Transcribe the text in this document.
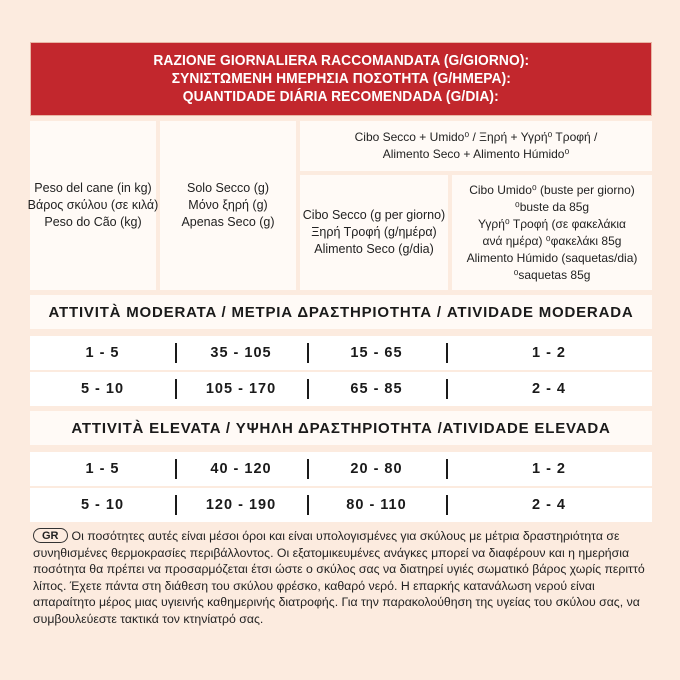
RAZIONE GIORNALIERA RACCOMANDATA (G/GIORNO):
ΣΥΝΙΣΤΩΜΕΝΗ ΗΜΕΡΗΣΙΑ ΠΟΣΟΤΗΤΑ (G/ΗΜΕΡΑ):
QUANTIDADE DIÁRIA RECOMENDADA (G/DIA):
Peso del cane (in kg)
Βάρος σκύλου (σε κιλά)
Peso do Cão (kg)
Solo Secco (g)
Μόνο ξηρή (g)
Apenas Seco (g)
Cibo Secco + Umido⁰ / Ξηρή + Υγρή⁰ Τροφή /
Alimento Seco + Alimento Húmido⁰
Cibo Secco (g per giorno)
Ξηρή Τροφή (g/ημέρα)
Alimento Seco (g/dia)
Cibo Umido⁰ (buste per giorno)
⁰buste da 85g
Υγρή⁰ Τροφή (σε φακελάκια
ανά ημέρα) ⁰φακελάκι 85g
Alimento Húmido (saquetas/dia)
⁰saquetas 85g
ATTIVITÀ MODERATA / ΜΕΤΡΙΑ ΔΡΑΣΤΗΡΙΟΤΗΤΑ / ATIVIDADE MODERADA
1 - 5	35 - 105	15 - 65	1 - 2
5 - 10	105 - 170	65 - 85	2 - 4
ATTIVITÀ ELEVATA / ΥΨΗΛΗ ΔΡΑΣΤΗΡΙΟΤΗΤΑ /ATIVIDADE ELEVADA
1 - 5	40 - 120	20 - 80	1 - 2
5 - 10	120 - 190	80 - 110	2 - 4
GR Οι ποσότητες αυτές είναι μέσοι όροι και είναι υπολογισμένες για σκύλους με μέτρια δραστηριότητα σε
συνηθισμένες θερμοκρασίες περιβάλλοντος. Οι εξατομικευμένες ανάγκες μπορεί να διαφέρουν και η ημερήσια
ποσότητα θα πρέπει να προσαρμόζεται έτσι ώστε ο σκύλος σας να διατηρεί υγιές σωματικό βάρος χωρίς περιττό
λίπος. Έχετε πάντα στη διάθεση του σκύλου φρέσκο, καθαρό νερό. Η επαρκής κατανάλωση νερού είναι
απαραίτητο μέρος μιας υγιεινής καθημερινής διατροφής. Για την παρακολούθηση της υγείας του σκύλου σας, να
συμβουλεύεστε τακτικά τον κτηνίατρό σας.
